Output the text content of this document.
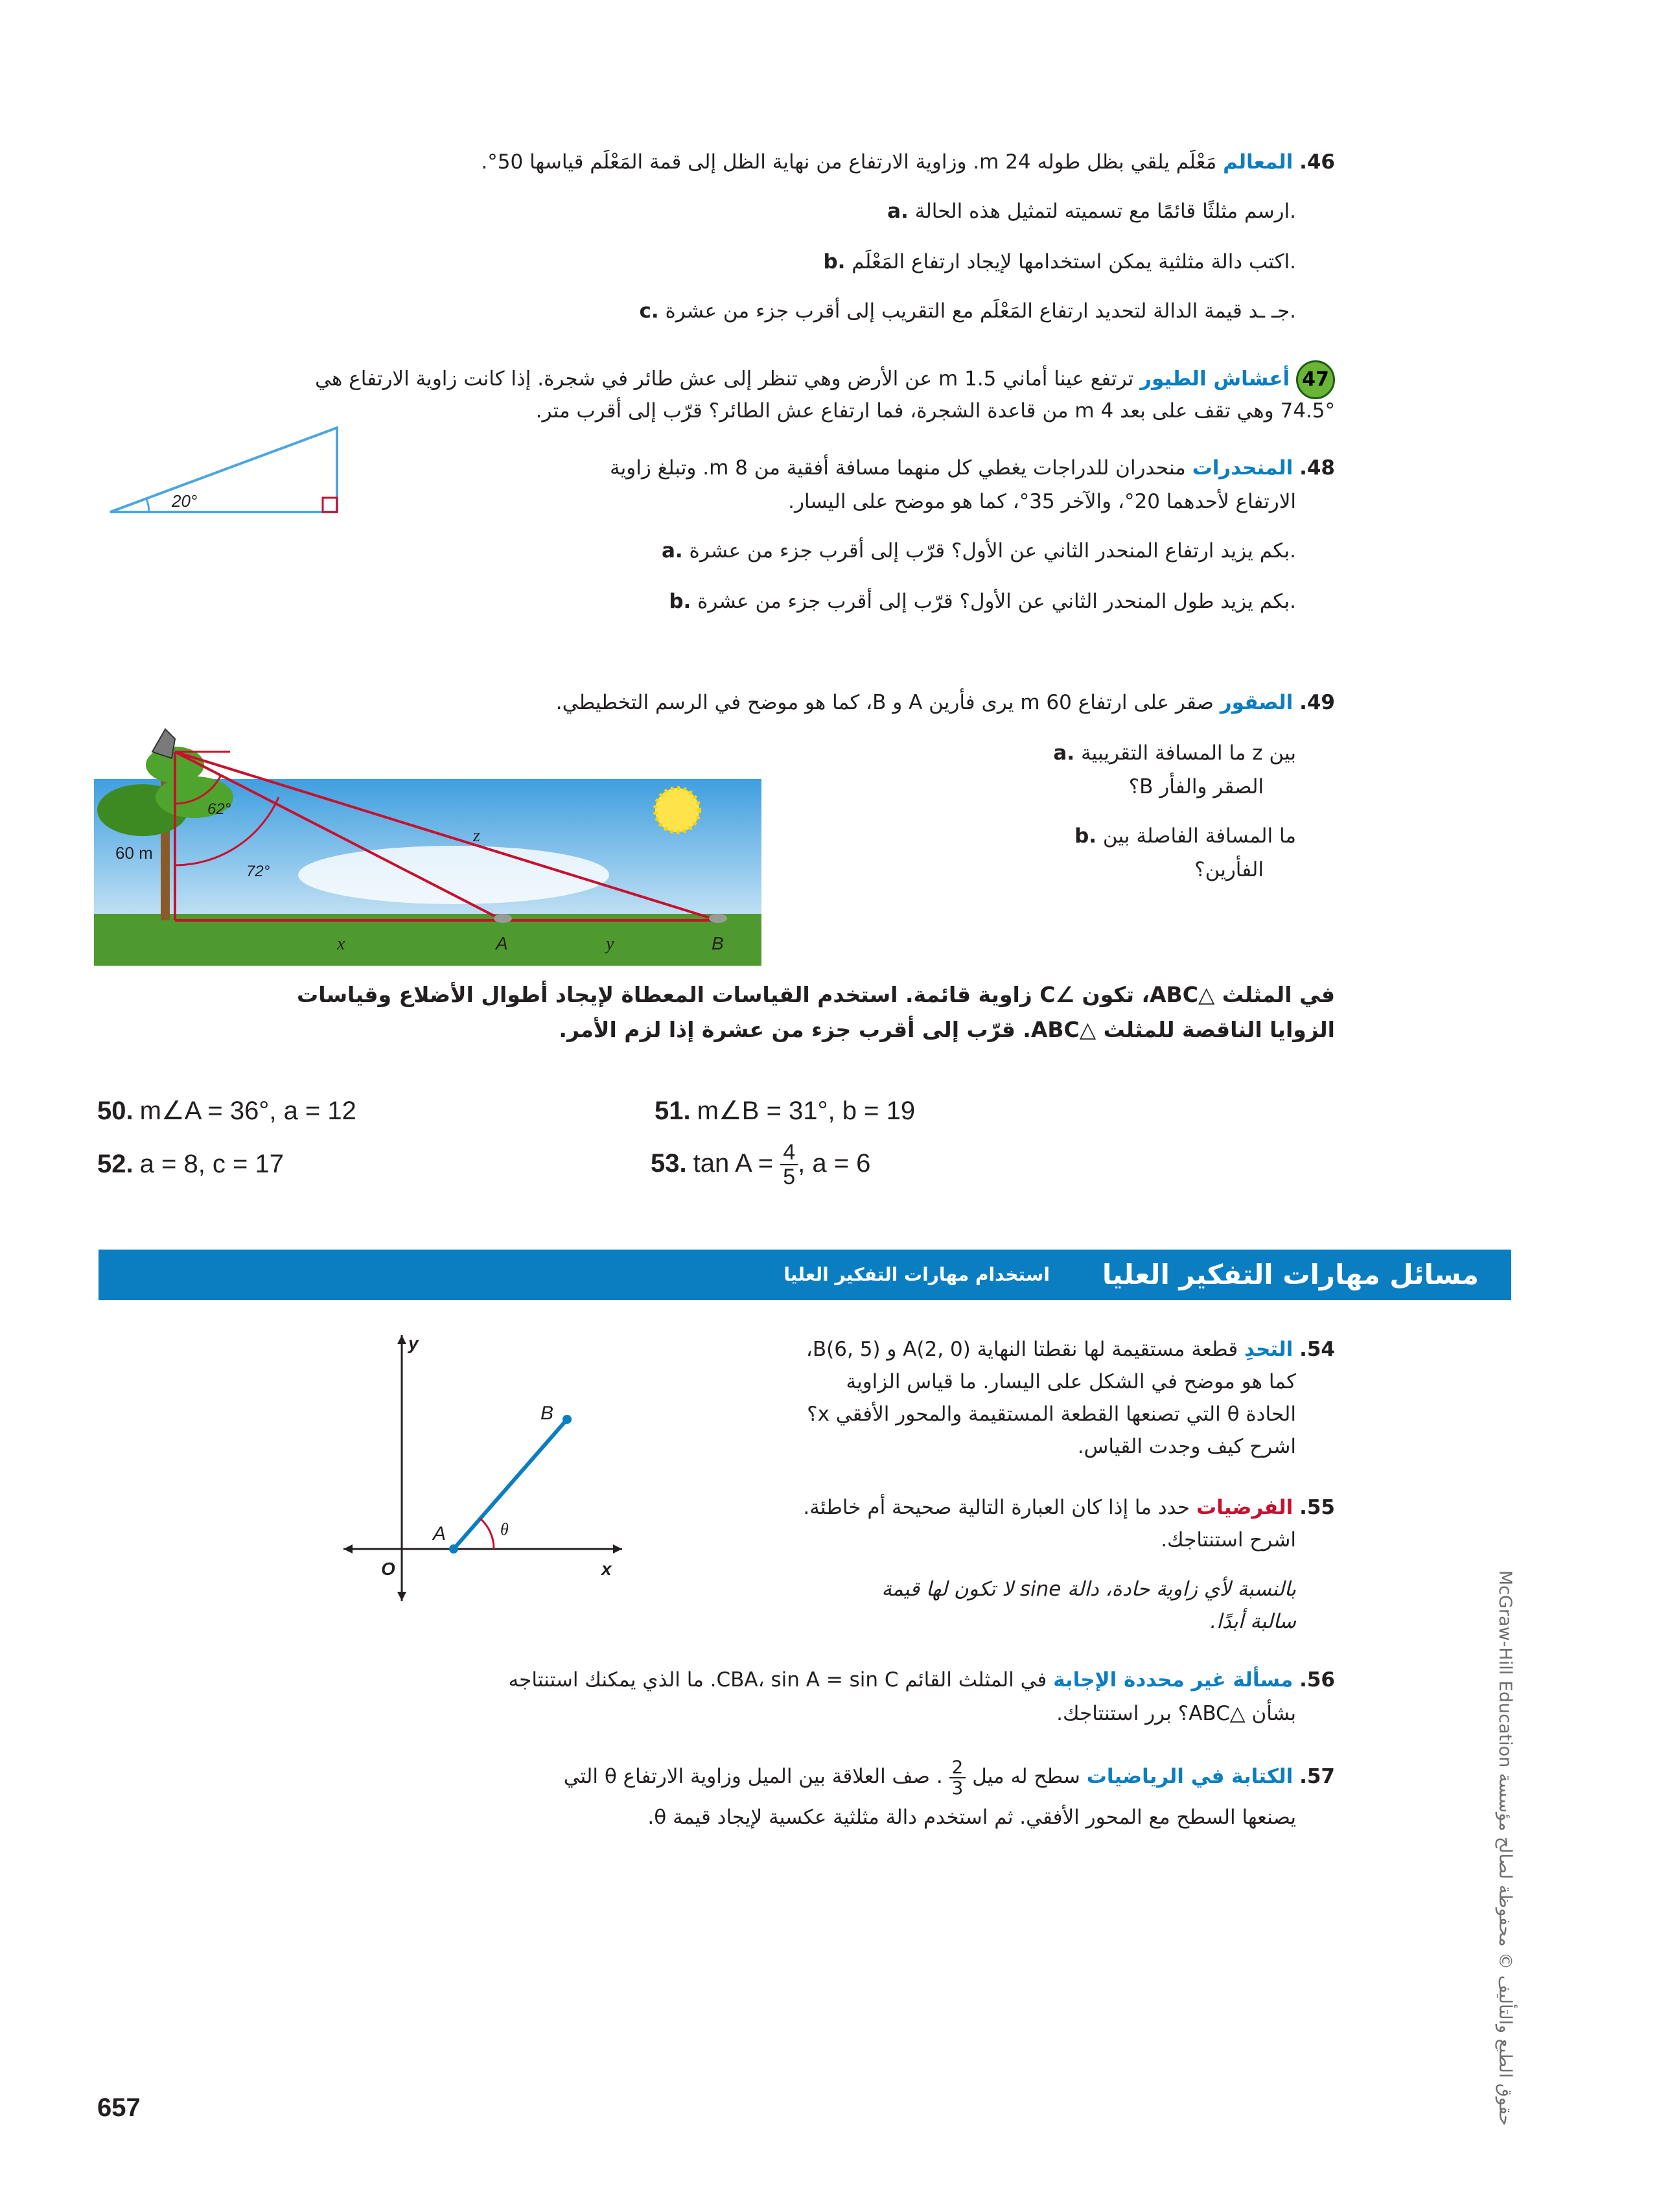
46. المعالم مَعْلَم يلقي بظل طوله 24 m. وزاوية الارتفاع من نهاية الظل إلى قمة المَعْلَم قياسها 50°.
a. ارسم مثلثًا قائمًا مع تسميته لتمثيل هذه الحالة.
b. اكتب دالة مثلثية يمكن استخدامها لإيجاد ارتفاع المَعْلَم.
c. جـ ـد قيمة الدالة لتحديد ارتفاع المَعْلَم مع التقريب إلى أقرب جزء من عشرة.
47 أعشاش الطيور ترتفع عينا أماني 1.5 m عن الأرض وهي تنظر إلى عش طائر في شجرة. إذا كانت زاوية الارتفاع هي
74.5° وهي تقف على بعد 4 m من قاعدة الشجرة، فما ارتفاع عش الطائر؟ قرّب إلى أقرب متر.
20°
48. المنحدرات منحدران للدراجات يغطي كل منهما مسافة أفقية من 8 m. وتبلغ زاوية
الارتفاع لأحدهما 20°، والآخر 35°، كما هو موضح على اليسار.
a. بكم يزيد ارتفاع المنحدر الثاني عن الأول؟ قرّب إلى أقرب جزء من عشرة.
b. بكم يزيد طول المنحدر الثاني عن الأول؟ قرّب إلى أقرب جزء من عشرة.
49. الصقور صقر على ارتفاع 60 m يرى فأرين A و B، كما هو موضح في الرسم التخطيطي.
a. ما المسافة التقريبية z بين
الصقر والفأر B؟
b. ما المسافة الفاصلة بين
الفأرين؟
60 m
62°
72°
z
x	A	y	B
في المثلث △ABC، تكون ∠C زاوية قائمة. استخدم القياسات المعطاة لإيجاد أطوال الأضلاع وقياسات
الزوايا الناقصة للمثلث △ABC. قرّب إلى أقرب جزء من عشرة إذا لزم الأمر.
50. m∠A = 36°, a = 12	51. m∠B = 31°, b = 19
52. a = 8, c = 17	53. $\tan A = \frac{4}{5}$ , a = 6
مسائل مهارات التفكير العليا
استخدام مهارات التفكير العليا
y
x
O
A
B
θ
54. التحدِ قطعة مستقيمة لها نقطتا النهاية A(2, 0) و B(6, 5)،
كما هو موضح في الشكل على اليسار. ما قياس الزاوية
الحادة θ التي تصنعها القطعة المستقيمة والمحور الأفقي x؟
اشرح كيف وجدت القياس.
55. الفرضيات حدد ما إذا كان العبارة التالية صحيحة أم خاطئة.
اشرح استنتاجك.
بالنسبة لأي زاوية حادة، دالة sine لا تكون لها قيمة
سالبة أبدًا.
56. مسألة غير محددة الإجابة في المثلث القائم CBA، sin A = sin C. ما الذي يمكنك استنتاجه
بشأن △ABC؟ برر استنتاجك.
57. الكتابة في الرياضيات سطح له ميل
$\frac{2}{3}$
. صف العلاقة بين الميل وزاوية الارتفاع θ التي
يصنعها السطح مع المحور الأفقي. ثم استخدم دالة مثلثية عكسية لإيجاد قيمة θ.
حقوق الطبع والتأليف © محفوظة لصالح مؤسسة McGraw-Hill Education
657
